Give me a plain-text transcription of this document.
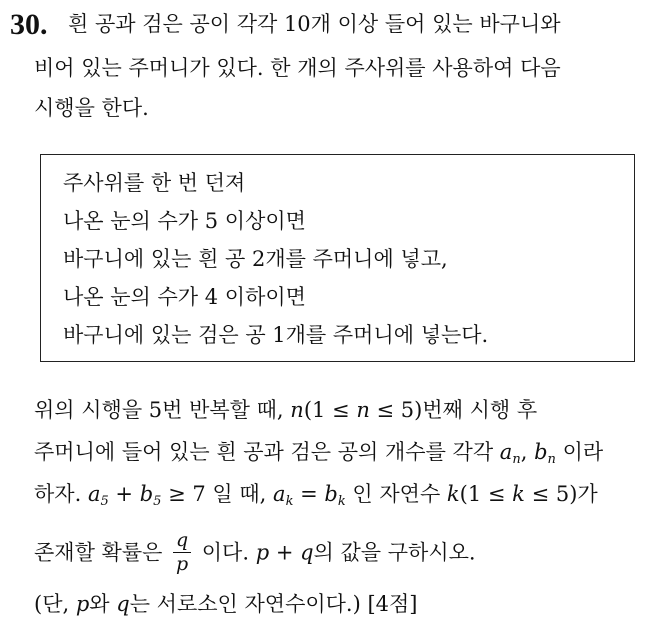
30. 흰 공과 검은 공이 각각 10개 이상 들어 있는 바구니와
비어 있는 주머니가 있다. 한 개의 주사위를 사용하여 다음
시행을 한다.
주사위를 한 번 던져
나온 눈의 수가 5 이상이면
바구니에 있는 흰 공 2개를 주머니에 넣고,
나온 눈의 수가 4 이하이면
바구니에 있는 검은 공 1개를 주머니에 넣는다.
위의 시행을 5번 반복할 때, n(1 ≤ n ≤ 5)번째 시행 후
주머니에 들어 있는 흰 공과 검은 공의 개수를 각각 $a_n$, $b_n$ 이라
하자. $a_5 + b_5 \ge 7$ 일 때, $a_k = b_k$ 인 자연수 k(1 ≤ k ≤ 5)가
존재할 확률은 $\frac{q}{p}$ 이다. p + q의 값을 구하시오.
(단, p와 q는 서로소인 자연수이다.) [4점]
